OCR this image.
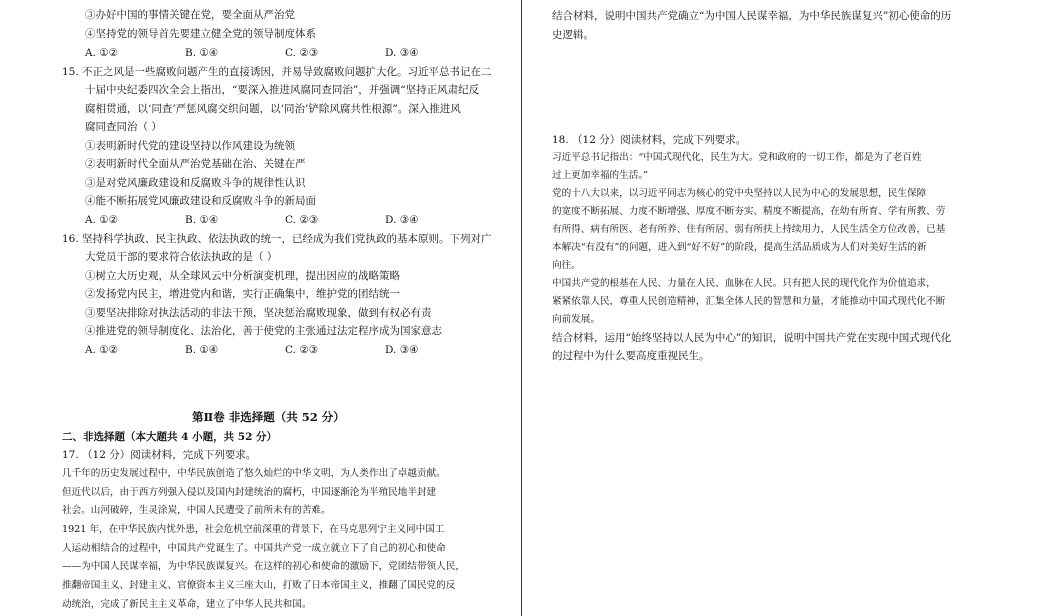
③办好中国的事情关键在党，要全面从严治党
④坚持党的领导首先要建立健全党的领导制度体系
A. ①②	B. ①④	C. ②③	D. ③④
15. 不正之风是一些腐败问题产生的直接诱因，并易导致腐败问题扩大化。习近平总书记在二
十届中央纪委四次全会上指出，“要深入推进风腐同查同治”，并强调“坚持正风肃纪反
腐相贯通，以‘同查’严惩风腐交织问题，以‘同治’铲除风腐共性根源”。深入推进风
腐同查同治（ ）
①表明新时代党的建设坚持以作风建设为统领
②表明新时代全面从严治党基础在治、关键在严
③是对党风廉政建设和反腐败斗争的规律性认识
④能不断拓展党风廉政建设和反腐败斗争的新局面
A. ①②	B. ①④	C. ②③	D. ③④
16. 坚持科学执政、民主执政、依法执政的统一，已经成为我们党执政的基本原则。下列对广
大党员干部的要求符合依法执政的是（ ）
①树立大历史观，从全球风云中分析演变机理，提出因应的战略策略
②发扬党内民主，增进党内和谐，实行正确集中，维护党的团结统一
③要坚决排除对执法活动的非法干预，坚决惩治腐败现象，做到有权必有责
④推进党的领导制度化、法治化，善于使党的主张通过法定程序成为国家意志
A. ①②	B. ①④	C. ②③	D. ③④
第Ⅱ卷 非选择题（共 52 分）
二、非选择题（本大题共 4 小题，共 52 分）
17. （12 分）阅读材料，完成下列要求。
几千年的历史发展过程中，中华民族创造了悠久灿烂的中华文明，为人类作出了卓越贡献。
但近代以后，由于西方列强入侵以及国内封建统治的腐朽，中国逐渐沦为半殖民地半封建
社会。山河破碎，生灵涂炭，中国人民遭受了前所未有的苦难。
1921 年，在中华民族内忧外患，社会危机空前深重的背景下，在马克思列宁主义同中国工
人运动相结合的过程中，中国共产党诞生了。中国共产党一成立就立下了自己的初心和使命
——为中国人民谋幸福，为中华民族谋复兴。在这样的初心和使命的激励下，党团结带领人民，
推翻帝国主义、封建主义、官僚资本主义三座大山，打败了日本帝国主义，推翻了国民党的反
动统治，完成了新民主主义革命，建立了中华人民共和国。
结合材料，说明中国共产党确立“为中国人民谋幸福，为中华民族谋复兴”初心使命的历
史逻辑。
18. （12 分）阅读材料，完成下列要求。
习近平总书记指出：“中国式现代化，民生为大。党和政府的一切工作，都是为了老百姓
过上更加幸福的生活。”
党的十八大以来，以习近平同志为核心的党中央坚持以人民为中心的发展思想，民生保障
的宽度不断拓展、力度不断增强、厚度不断夯实、精度不断提高，在幼有所育、学有所教、劳
有所得、病有所医、老有所养、住有所居、弱有所扶上持续用力，人民生活全方位改善，已基
本解决“有没有”的问题，进入到“好不好”的阶段，提高生活品质成为人们对美好生活的新
向往。
中国共产党的根基在人民、力量在人民、血脉在人民。只有把人民的现代化作为价值追求，
紧紧依靠人民，尊重人民创造精神，汇集全体人民的智慧和力量，才能推动中国式现代化不断
向前发展。
结合材料，运用“始终坚持以人民为中心”的知识，说明中国共产党在实现中国式现代化
的过程中为什么要高度重视民生。
